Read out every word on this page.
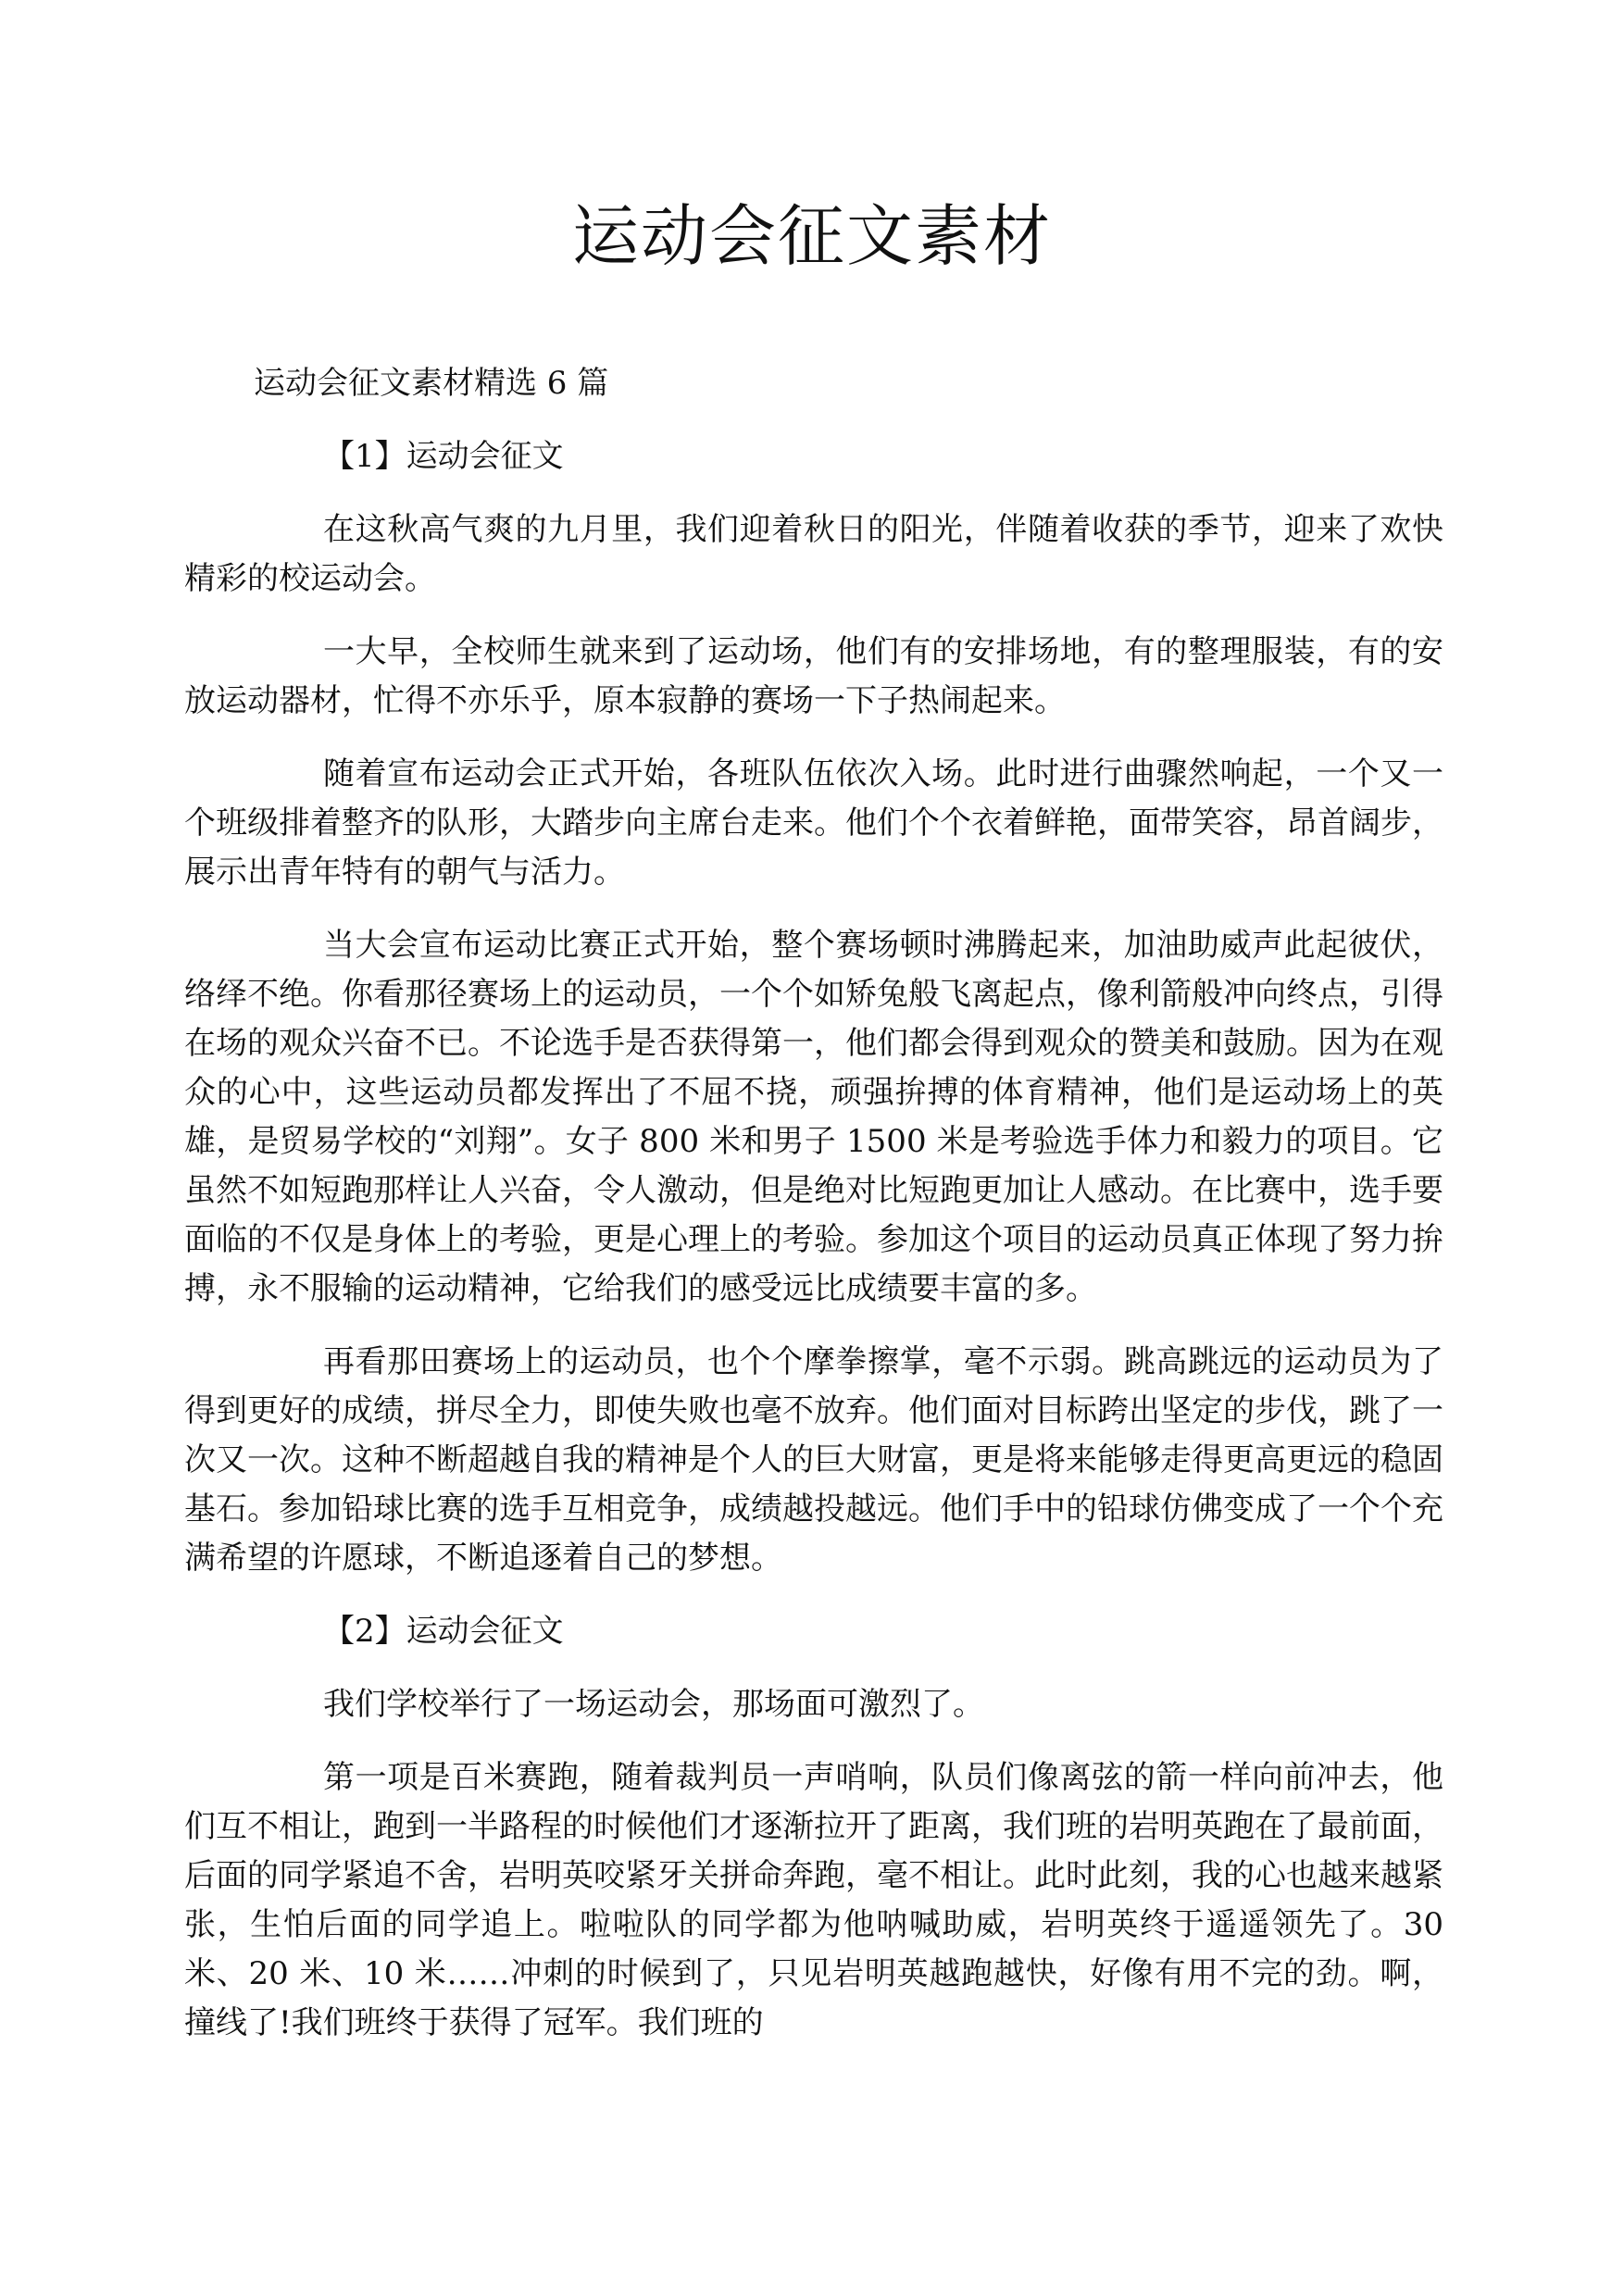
运动会征文素材

运动会征文素材精选 6 篇

【1】运动会征文

在这秋高气爽的九月里，我们迎着秋日的阳光，伴随着收获的季节，迎来了欢快精彩的校运动会。

一大早，全校师生就来到了运动场，他们有的安排场地，有的整理服装，有的安放运动器材，忙得不亦乐乎，原本寂静的赛场一下子热闹起来。

随着宣布运动会正式开始，各班队伍依次入场。此时进行曲骤然响起，一个又一个班级排着整齐的队形，大踏步向主席台走来。他们个个衣着鲜艳，面带笑容，昂首阔步，展示出青年特有的朝气与活力。

当大会宣布运动比赛正式开始，整个赛场顿时沸腾起来，加油助威声此起彼伏，络绎不绝。你看那径赛场上的运动员，一个个如矫兔般飞离起点，像利箭般冲向终点，引得在场的观众兴奋不已。不论选手是否获得第一，他们都会得到观众的赞美和鼓励。因为在观众的心中，这些运动员都发挥出了不屈不挠，顽强拚搏的体育精神，他们是运动场上的英雄，是贸易学校的“刘翔”。女子 800 米和男子 1500 米是考验选手体力和毅力的项目。它虽然不如短跑那样让人兴奋，令人激动，但是绝对比短跑更加让人感动。在比赛中，选手要面临的不仅是身体上的考验，更是心理上的考验。参加这个项目的运动员真正体现了努力拚搏，永不服输的运动精神，它给我们的感受远比成绩要丰富的多。

再看那田赛场上的运动员，也个个摩拳擦掌，毫不示弱。跳高跳远的运动员为了得到更好的成绩，拼尽全力，即使失败也毫不放弃。他们面对目标跨出坚定的步伐，跳了一次又一次。这种不断超越自我的精神是个人的巨大财富，更是将来能够走得更高更远的稳固基石。参加铅球比赛的选手互相竞争，成绩越投越远。他们手中的铅球仿佛变成了一个个充满希望的许愿球，不断追逐着自己的梦想。

【2】运动会征文

我们学校举行了一场运动会，那场面可激烈了。

第一项是百米赛跑，随着裁判员一声哨响，队员们像离弦的箭一样向前冲去，他们互不相让，跑到一半路程的时候他们才逐渐拉开了距离，我们班的岩明英跑在了最前面，后面的同学紧追不舍，岩明英咬紧牙关拼命奔跑，毫不相让。此时此刻，我的心也越来越紧张，生怕后面的同学追上。啦啦队的同学都为他呐喊助威，岩明英终于遥遥领先了。30 米、20 米、10 米……冲刺的时候到了，只见岩明英越跑越快，好像有用不完的劲。啊，撞线了!我们班终于获得了冠军。我们班的
